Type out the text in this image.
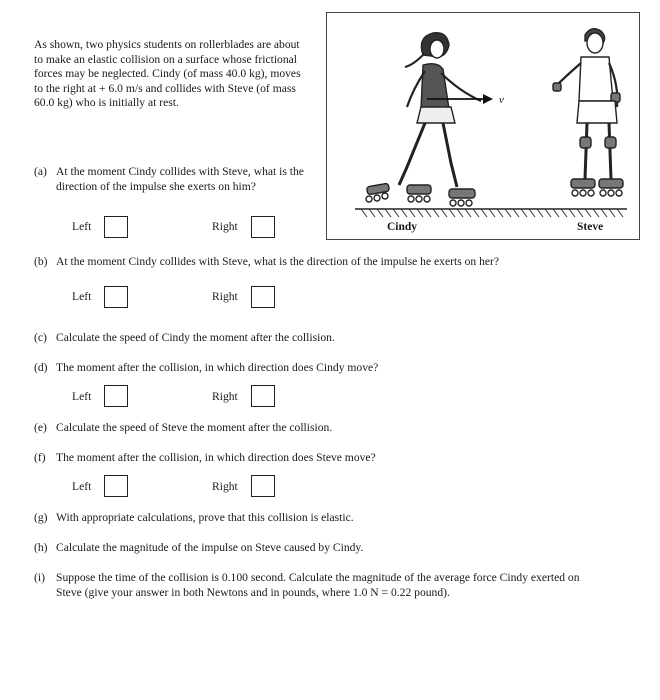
As shown, two physics students on rollerblades are about to make an elastic collision on a surface whose frictional forces may be neglected. Cindy (of mass 40.0 kg), moves to the right at + 6.0 m/s and collides with Steve (of mass 60.0 kg) who is initially at rest.	v
Cindy	Steve
(a) At the moment Cindy collides with Steve, what is the direction of the impulse she exerts on him?
Left	Right
(b) At the moment Cindy collides with Steve, what is the direction of the impulse he exerts on her?
Left	Right
(c) Calculate the speed of Cindy the moment after the collision.
(d) The moment after the collision, in which direction does Cindy move?
Left	Right
(e) Calculate the speed of Steve the moment after the collision.
(f) The moment after the collision, in which direction does Steve move?
Left	Right
(g) With appropriate calculations, prove that this collision is elastic.
(h) Calculate the magnitude of the impulse on Steve caused by Cindy.
(i) Suppose the time of the collision is 0.100 second. Calculate the magnitude of the average force Cindy exerted on Steve (give your answer in both Newtons and in pounds, where 1.0 N = 0.22 pound).
